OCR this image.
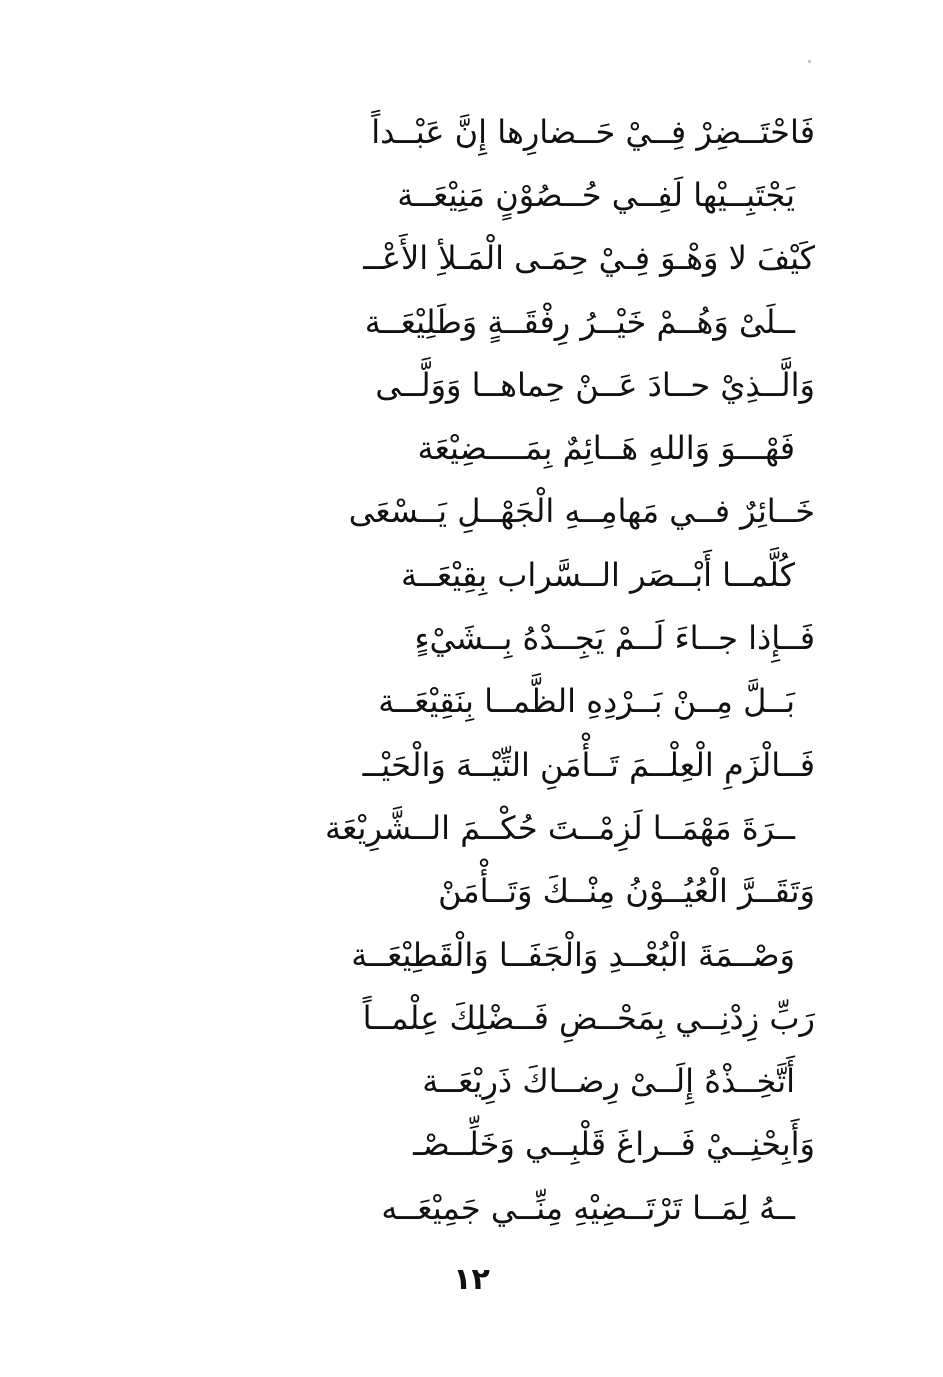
فَاحْتَــضِرْ فِــيْ حَــضارِها إِنَّ عَبْــداً
يَجْتَبِــيْها لَفِــي حُــصُوْنٍ مَنِيْعَــة
كَيْفَ لا وَهْـوَ فِـيْ حِمَـى الْمَـلأِ الأَعْــ
ــلَىْ وَهُــمْ خَيْــرُ رِفْقَــةٍ وَطَلِيْعَــة
وَالَّــذِيْ حــادَ عَــنْ حِماهــا وَوَلَّــى
فَهْـــوَ وَاللهِ هَــائِمٌ بِمَــــضِيْعَة
خَــائِرٌ فــي مَهامِــهِ الْجَهْــلِ يَــسْعَى
كُلَّمــا أَبْــصَر الــسَّراب بِقِيْعَــة
فَــإِذا جــاءَ لَــمْ يَجِــدْهُ بِــشَيْءٍ
بَــلَّ مِــنْ بَــرْدِهِ الظَّمــا بِنَقِيْعَــة
فَــالْزَمِ الْعِلْــمَ تَــأْمَنِ التِّيْــهَ وَالْحَيْــ
ــرَةَ مَهْمَــا لَزِمْــتَ حُكْــمَ الــشَّرِيْعَة
وَتَقَــرَّ الْعُيُــوْنُ مِنْــكَ وَتَــأْمَنْ
وَصْــمَةَ الْبُعْــدِ وَالْجَفَــا وَالْقَطِيْعَــة
رَبِّ زِدْنِــي بِمَحْــضِ فَــضْلِكَ عِلْمــاً
أَتَّخِــذْهُ إِلَــىْ رِضــاكَ ذَرِيْعَــة
وَأَبِحْنِــيْ فَــراغَ قَلْبِــي وَخَلِّــصْـ
ــهُ لِمَــا تَرْتَــضِيْهِ مِنِّــي جَمِيْعَــه
١٢
